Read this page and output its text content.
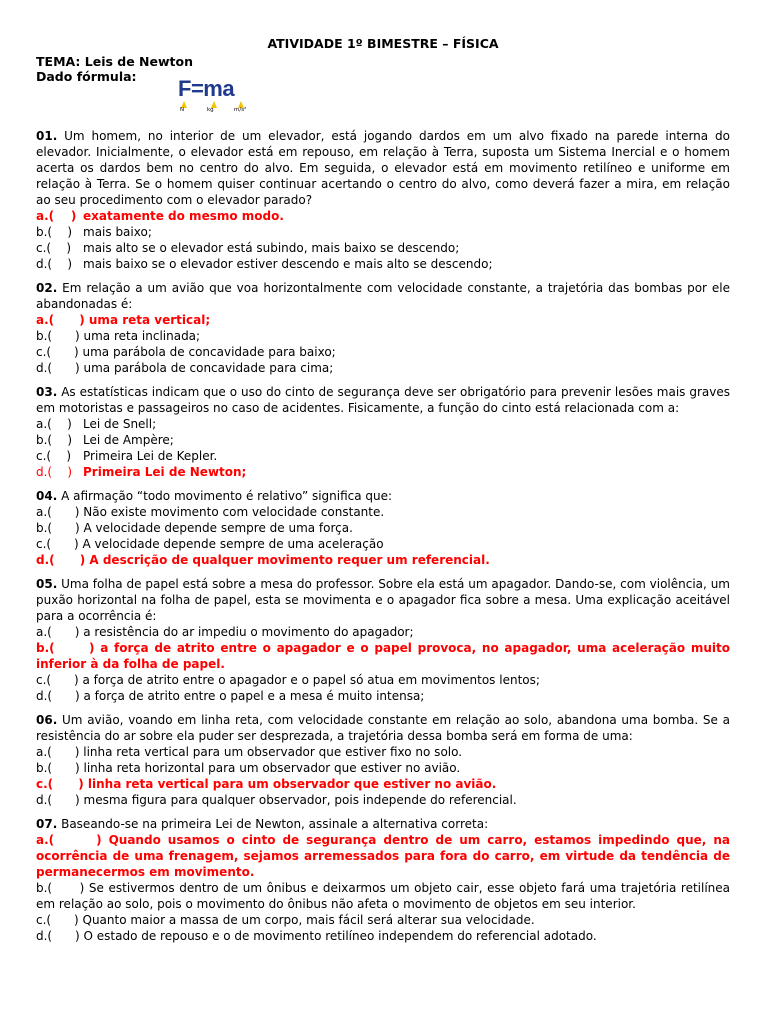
ATIVIDADE 1º BIMESTRE – FÍSICA
TEMA: Leis de Newton
Dado fórmula:	F=ma
N	kg	m/s²
01. Um homem, no interior de um elevador, está jogando dardos em um alvo fixado na parede interna do elevador. Inicialmente, o elevador está em repouso, em relação à Terra, suposta um Sistema Inercial e o homem acerta os dardos bem no centro do alvo. Em seguida, o elevador está em movimento retilíneo e uniforme em relação à Terra. Se o homem quiser continuar acertando o centro do alvo, como deverá fazer a mira, em relação ao seu procedimento com o elevador parado?
a.(    ) exatamente do mesmo modo.
b.(    ) mais baixo;
c.(    ) mais alto se o elevador está subindo, mais baixo se descendo;
d.(    ) mais baixo se o elevador estiver descendo e mais alto se descendo;
02. Em relação a um avião que voa horizontalmente com velocidade constante, a trajetória das bombas por ele abandonadas é:
a.(      )
uma reta vertical;
b.(      )
uma reta inclinada;
c.(      )
uma parábola de concavidade para baixo;
d.(      )
uma parábola de concavidade para cima;
03. As estatísticas indicam que o uso do cinto de segurança deve ser obrigatório para prevenir lesões mais graves em motoristas e passageiros no caso de acidentes. Fisicamente, a função do cinto está relacionada com a:
a.(    ) Lei de Snell;
b.(    ) Lei de Ampère;
c.(    ) Primeira Lei de Kepler.
d.(    ) Primeira Lei de Newton;
04. A afirmação “todo movimento é relativo” significa que:
a.(      )
Não existe movimento com velocidade constante.
b.(      )
A velocidade depende sempre de uma força.
c.(      )
A velocidade depende sempre de uma aceleração
d.(      )
A descrição de qualquer movimento requer um referencial.
05. Uma folha de papel está sobre a mesa do professor. Sobre ela está um apagador. Dando-se, com violência, um puxão horizontal na folha de papel, esta se movimenta e o apagador fica sobre a mesa. Uma explicação aceitável para a ocorrência é:
a.(      )
a resistência do ar impediu o movimento do apagador;
b.(      ) a força de atrito entre o apagador e o papel provoca, no apagador, uma aceleração muito inferior à da folha de papel.
c.(      )
a força de atrito entre o apagador e o papel só atua em movimentos lentos;
d.(      )
a força de atrito entre o papel e a mesa é muito intensa;
06. Um avião, voando em linha reta, com velocidade constante em relação ao solo, abandona uma bomba. Se a resistência do ar sobre ela puder ser desprezada, a trajetória dessa bomba será em forma de uma:
a.(      )
linha reta vertical para um observador que estiver fixo no solo.
b.(      )
linha reta horizontal para um observador que estiver no avião.
c.(      )
linha reta vertical para um observador que estiver no avião.
d.(      )
mesma figura para qualquer observador, pois independe do referencial.
07. Baseando-se na primeira Lei de Newton, assinale a alternativa correta:
a.(      ) Quando usamos o cinto de segurança dentro de um carro, estamos impedindo que, na ocorrência de uma frenagem, sejamos arremessados para fora do carro, em virtude da tendência de permanecermos em movimento.
b.(      ) Se estivermos dentro de um ônibus e deixarmos um objeto cair, esse objeto fará uma trajetória retilínea em relação ao solo, pois o movimento do ônibus não afeta o movimento de objetos em seu interior.
c.(      )
Quanto maior a massa de um corpo, mais fácil será alterar sua velocidade.
d.(      )
O estado de repouso e o de movimento retilíneo independem do referencial adotado.
